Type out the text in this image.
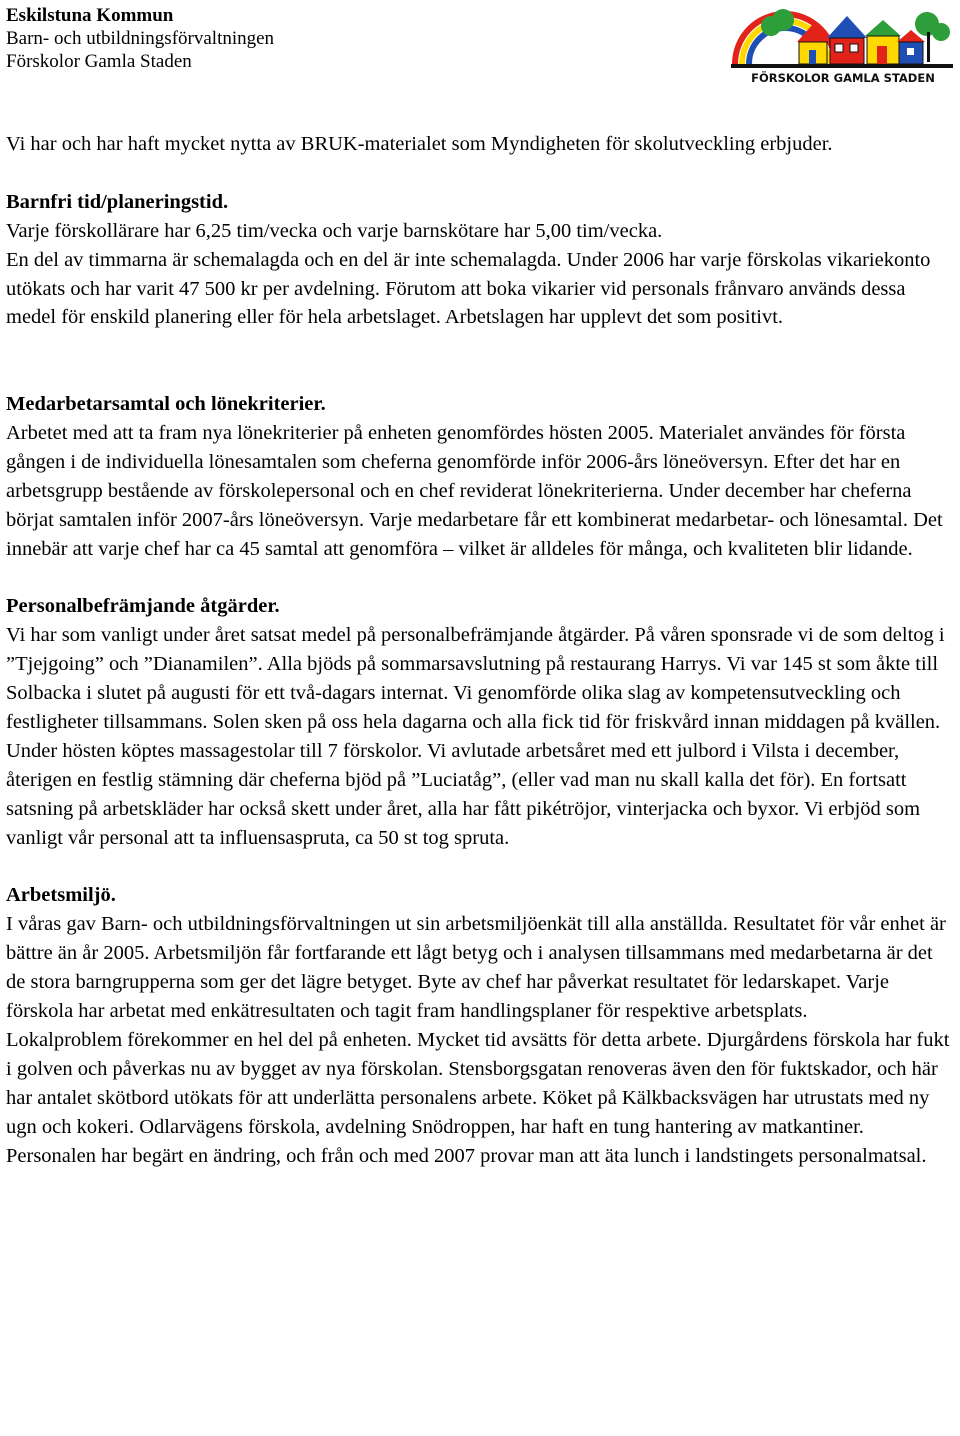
Eskilstuna Kommun
Barn- och utbildningsförvaltningen
Förskolor Gamla Staden
FÖRSKOLOR GAMLA STADEN

Vi har och har haft mycket nytta av BRUK-materialet som Myndigheten för skolutveckling erbjuder.

Barnfri tid/planeringstid.

Varje förskollärare har 6,25 tim/vecka och varje barnskötare har 5,00 tim/vecka.

En del av timmarna är schemalagda och en del är inte schemalagda. Under 2006 har varje förskolas vikariekonto utökats och har varit 47 500 kr per avdelning. Förutom att boka vikarier vid personals frånvaro används dessa medel för enskild planering eller för hela arbetslaget. Arbetslagen har upplevt det som positivt.

Medarbetarsamtal och lönekriterier.

Arbetet med att ta fram nya lönekriterier på enheten genomfördes hösten 2005. Materialet användes för första gången i de individuella lönesamtalen som cheferna genomförde inför 2006-års löneöversyn. Efter det har en arbetsgrupp bestående av förskolepersonal och en chef reviderat lönekriterierna. Under december har cheferna börjat samtalen inför 2007-års löneöversyn. Varje medarbetare får ett kombinerat medarbetar- och lönesamtal. Det innebär att varje chef har ca 45 samtal att genomföra – vilket är alldeles för många, och kvaliteten blir lidande.

Personalbefrämjande åtgärder.

Vi har som vanligt under året satsat medel på personalbefrämjande åtgärder. På våren sponsrade vi de som deltog i ”Tjejgoing” och ”Dianamilen”. Alla bjöds på sommarsavslutning på restaurang Harrys. Vi var 145 st som åkte till Solbacka i slutet på augusti för ett två-dagars internat. Vi genomförde olika slag av kompetensutveckling och festligheter tillsammans. Solen sken på oss hela dagarna och alla fick tid för friskvård innan middagen på kvällen. Under hösten köptes massagestolar till 7 förskolor. Vi avlutade arbetsåret med ett julbord i Vilsta i december, återigen en festlig stämning där cheferna bjöd på ”Luciatåg”, (eller vad man nu skall kalla det för). En fortsatt satsning på arbetskläder har också skett under året, alla har fått pikétröjor, vinterjacka och byxor. Vi erbjöd som vanligt vår personal att ta influensaspruta, ca 50 st tog spruta.

Arbetsmiljö.

I våras gav Barn- och utbildningsförvaltningen ut sin arbetsmiljöenkät till alla anställda. Resultatet för vår enhet är bättre än år 2005. Arbetsmiljön får fortfarande ett lågt betyg och i analysen tillsammans med medarbetarna är det de stora barngrupperna som ger det lägre betyget. Byte av chef har påverkat resultatet för ledarskapet. Varje förskola har arbetat med enkätresultaten och tagit fram handlingsplaner för respektive arbetsplats.

Lokalproblem förekommer en hel del på enheten. Mycket tid avsätts för detta arbete. Djurgårdens förskola har fukt i golven och påverkas nu av bygget av nya förskolan. Stensborgsgatan renoveras även den för fuktskador, och här har antalet skötbord utökats för att underlätta personalens arbete. Köket på Kälkbacksvägen har utrustats med ny ugn och kokeri. Odlarvägens förskola, avdelning Snödroppen, har haft en tung hantering av matkantiner. Personalen har begärt en ändring, och från och med 2007 provar man att äta lunch i landstingets personalmatsal.
